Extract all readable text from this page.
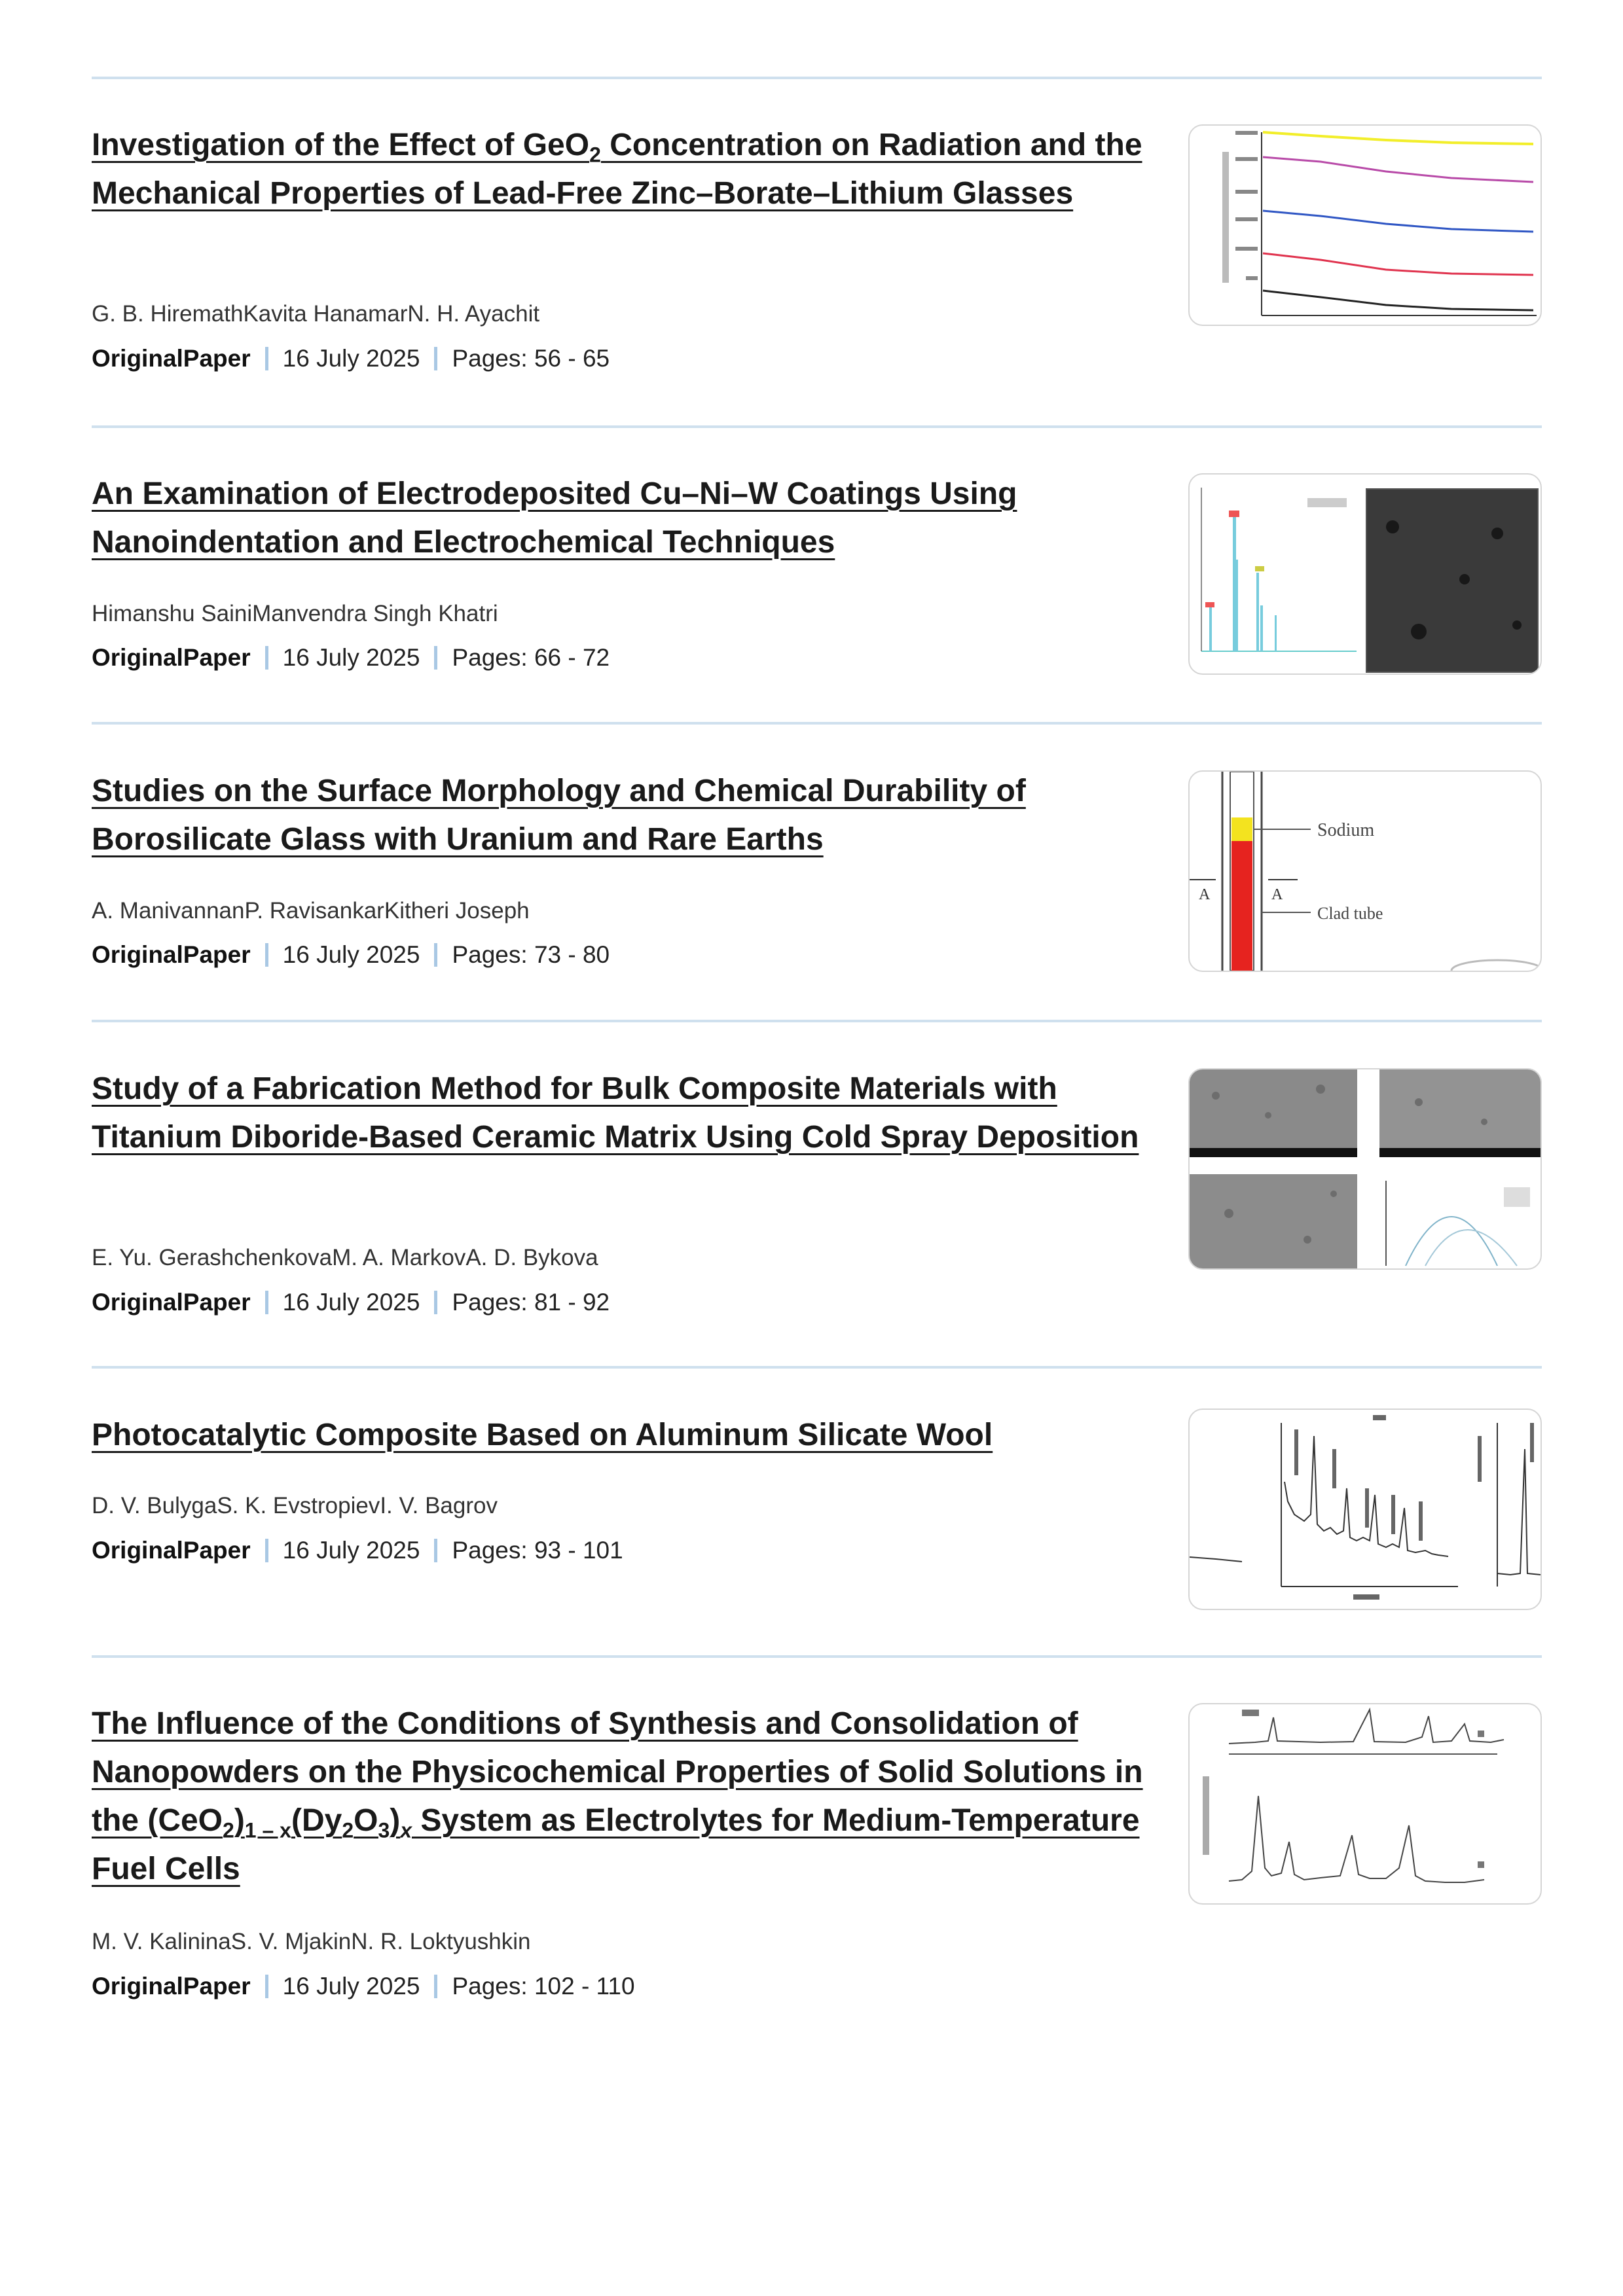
Investigation of the Effect of GeO$_2$ Concentration on Radiation and the Mechanical Properties of Lead-Free Zinc–Borate–Lithium Glasses
G. B. HiremathKavita HanamarN. H. Ayachit
OriginalPaper 16 July 2025 Pages: 56 - 65
An Examination of Electrodeposited Cu–Ni–W Coatings Using Nanoindentation and Electrochemical Techniques
Himanshu SainiManvendra Singh Khatri
OriginalPaper 16 July 2025 Pages: 66 - 72
Studies on the Surface Morphology and Chemical Durability of Borosilicate Glass with Uranium and Rare Earths
A. ManivannanP. RavisankarKitheri Joseph
OriginalPaper 16 July 2025 Pages: 73 - 80
Sodium
Clad tube
A	A
Study of a Fabrication Method for Bulk Composite Materials with Titanium Diboride-Based Ceramic Matrix Using Cold Spray Deposition
E. Yu. GerashchenkovaM. A. MarkovA. D. Bykova
OriginalPaper 16 July 2025 Pages: 81 - 92
Photocatalytic Composite Based on Aluminum Silicate Wool
D. V. BulygaS. K. EvstropievI. V. Bagrov
OriginalPaper 16 July 2025 Pages: 93 - 101
The Influence of the Conditions of Synthesis and Consolidation of Nanopowders on the Physicochemical Properties of Solid Solutions in the $(CeO_2)_{1 - x}(Dy_2O_3)_x$ System as Electrolytes for Medium-Temperature Fuel Cells
M. V. KalininaS. V. MjakinN. R. Loktyushkin
OriginalPaper 16 July 2025 Pages: 102 - 110
